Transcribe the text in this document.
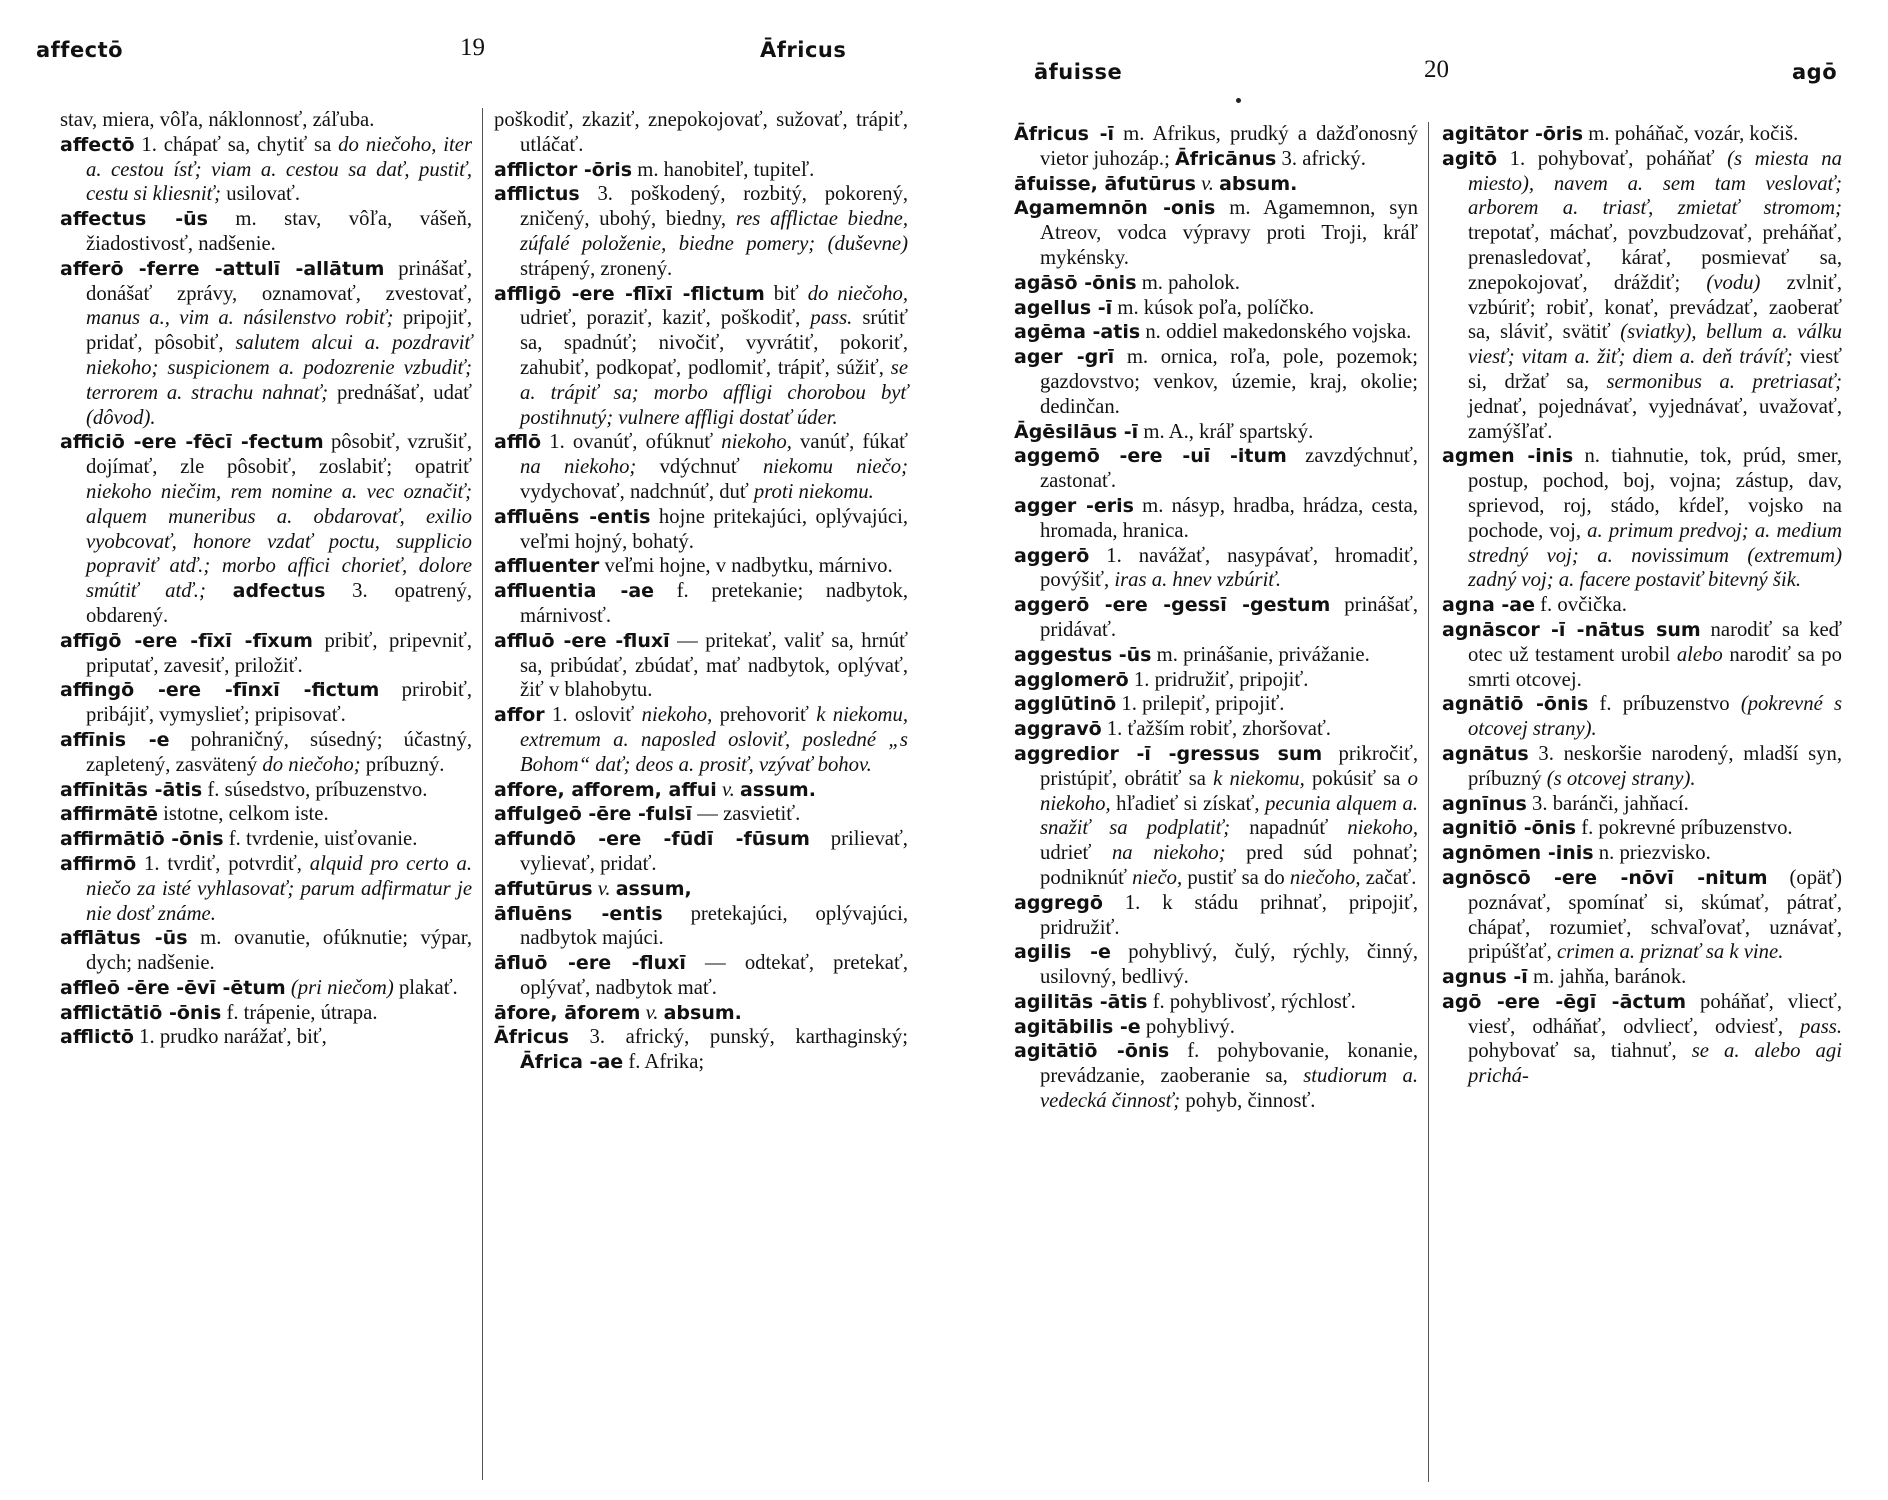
affectō	19	Āfricus

stav, miera, vôľa, náklonnosť, záľuba.

affectō 1. chápať sa, chytiť sa do niečoho, iter a. cestou ísť; viam a. cestou sa dať, pustiť, cestu si kliesniť; usilovať.

affectus -ūs m. stav, vôľa, vášeň, žiadostivosť, nadšenie.

afferō -ferre -attulī -allātum prinášať, donášať zprávy, oznamovať, zvestovať, manus a., vim a. násilenstvo robiť; pripojiť, pridať, pôsobiť, salutem alcui a. pozdraviť niekoho; suspicionem a. podozrenie vzbudiť; terrorem a. strachu nahnať; prednášať, udať (dôvod).

afficiō -ere -fēcī -fectum pôsobiť, vzrušiť, dojímať, zle pôsobiť, zoslabiť; opatriť niekoho niečim, rem nomine a. vec označiť; alquem muneribus a. obdarovať, exilio vyobcovať, honore vzdať poctu, supplicio popraviť atď.; morbo affici chorieť, dolore smútiť atď.; adfectus 3. opatrený, obdarený.

affīgō -ere -fīxī -fīxum pribiť, pripevniť, priputať, zavesiť, priložiť.

affingō -ere -fīnxī -fictum prirobiť, pribájiť, vymyslieť; pripisovať.

affīnis -e pohraničný, súsedný; účastný, zapletený, zasvätený do niečoho; príbuzný.

affīnitās -ātis f. súsedstvo, príbuzenstvo.

affirmātē istotne, celkom iste.

affirmātiō -ōnis f. tvrdenie, uisťovanie.

affirmō 1. tvrdiť, potvrdiť, alquid pro certo a. niečo za isté vyhlasovať; parum adfirmatur je nie dosť známe.

afflātus -ūs m. ovanutie, ofúknutie; výpar, dych; nadšenie.

affleō -ēre -ēvī -ētum (pri niečom) plakať.

afflictātiō -ōnis f. trápenie, útrapa.

afflictō 1. prudko narážať, biť,

poškodiť, zkaziť, znepokojovať, sužovať, trápiť, utláčať.

afflictor -ōris m. hanobiteľ, tupiteľ.

afflictus 3. poškodený, rozbitý, pokorený, zničený, ubohý, biedny, res afflictae biedne, zúfalé položenie, biedne pomery; (duševne) strápený, zronený.

affligō -ere -flīxī -flictum biť do niečoho, udrieť, poraziť, kaziť, poškodiť, pass. srútiť sa, spadnúť; nivočiť, vyvrátiť, pokoriť, zahubiť, podkopať, podlomiť, trápiť, súžiť, se a. trápiť sa; morbo affligi chorobou byť postihnutý; vulnere affligi dostať úder.

afflō 1. ovanúť, ofúknuť niekoho, vanúť, fúkať na niekoho; vdýchnuť niekomu niečo; vydychovať, nadchnúť, duť proti niekomu.

affluēns -entis hojne pritekajúci, oplývajúci, veľmi hojný, bohatý.

affluenter veľmi hojne, v nadbytku, márnivo.

affluentia -ae f. pretekanie; nadbytok, márnivosť.

affluō -ere -fluxī — pritekať, valiť sa, hrnúť sa, pribúdať, zbúdať, mať nadbytok, oplývať, žiť v blahobytu.

affor 1. osloviť niekoho, prehovoriť k niekomu, extremum a. naposled osloviť, posledné „s Bohom“ dať; deos a. prosiť, vzývať bohov.

affore, afforem, affui v. assum.

affulgeō -ēre -fulsī — zasvietiť.

affundō -ere -fūdī -fūsum prilievať, vylievať, pridať.

affutūrus v. assum,

āfluēns -entis pretekajúci, oplývajúci, nadbytok majúci.

āfluō -ere -fluxī — odtekať, pretekať, oplývať, nadbytok mať.

āfore, āforem v. absum.

Āfricus 3. africký, punský, karthaginský; Āfrica -ae f. Afrika;

āfuisse	20	agō

Āfricus -ī m. Afrikus, prudký a dažďonosný vietor juhozáp.; Āfricānus 3. africký.

āfuisse, āfutūrus v. absum.

Agamemnōn -onis m. Agamemnon, syn Atreov, vodca výpravy proti Troji, kráľ mykénsky.

agāsō -ōnis m. paholok.

agellus -ī m. kúsok poľa, políčko.

agēma -atis n. oddiel makedonského vojska.

ager -grī m. ornica, roľa, pole, pozemok; gazdovstvo; venkov, územie, kraj, okolie; dedinčan.

Āgēsilāus -ī m. A., kráľ spartský.

aggemō -ere -uī -itum zavzdýchnuť, zastonať.

agger -eris m. násyp, hradba, hrádza, cesta, hromada, hranica.

aggerō 1. navážať, nasypávať, hromadiť, povýšiť, iras a. hnev vzbúriť.

aggerō -ere -gessī -gestum prinášať, pridávať.

aggestus -ūs m. prinášanie, privážanie.

agglomerō 1. pridružiť, pripojiť.

agglūtinō 1. prilepiť, pripojiť.

aggravō 1. ťažším robiť, zhoršovať.

aggredior -ī -gressus sum prikročiť, pristúpiť, obrátiť sa k niekomu, pokúsiť sa o niekoho, hľadieť si získať, pecunia alquem a. snažiť sa podplatiť; napadnúť niekoho, udrieť na niekoho; pred súd pohnať; podniknúť niečo, pustiť sa do niečoho, začať.

aggregō 1. k stádu prihnať, pripojiť, pridružiť.

agilis -e pohyblivý, čulý, rýchly, činný, usilovný, bedlivý.

agilitās -ātis f. pohyblivosť, rýchlosť.

agitābilis -e pohyblivý.

agitātiō -ōnis f. pohybovanie, konanie, prevádzanie, zaoberanie sa, studiorum a. vedecká činnosť; pohyb, činnosť.

agitātor -ōris m. poháňač, vozár, kočiš.

agitō 1. pohybovať, poháňať (s miesta na miesto), navem a. sem tam veslovať; arborem a. triasť, zmietať stromom; trepotať, máchať, povzbudzovať, preháňať, prenasledovať, kárať, posmievať sa, znepokojovať, dráždiť; (vodu) zvlniť, vzbúriť; robiť, konať, prevádzať, zaoberať sa, sláviť, svätiť (sviatky), bellum a. válku viesť; vitam a. žiť; diem a. deň trávíť; viesť si, držať sa, sermonibus a. pretriasať; jednať, pojednávať, vyjednávať, uvažovať, zamýšľať.

agmen -inis n. tiahnutie, tok, prúd, smer, postup, pochod, boj, vojna; zástup, dav, sprievod, roj, stádo, kŕdeľ, vojsko na pochode, voj, a. primum predvoj; a. medium stredný voj; a. novissimum (extremum) zadný voj; a. facere postaviť bitevný šik.

agna -ae f. ovčička.

agnāscor -ī -nātus sum narodiť sa keď otec už testament urobil alebo narodiť sa po smrti otcovej.

agnātiō -ōnis f. príbuzenstvo (pokrevné s otcovej strany).

agnātus 3. neskoršie narodený, mladší syn, príbuzný (s otcovej strany).

agnīnus 3. baránči, jahňací.

agnitiō -ōnis f. pokrevné príbuzenstvo.

agnōmen -inis n. priezvisko.

agnōscō -ere -nōvī -nitum (opäť) poznávať, spomínať si, skúmať, pátrať, chápať, rozumieť, schvaľovať, uznávať, pripúšťať, crimen a. priznať sa k vine.

agnus -ī m. jahňa, baránok.

agō -ere -ēgī -āctum poháňať, vliecť, viesť, odháňať, odvliecť, odviesť, pass. pohybovať sa, tiahnuť, se a. alebo agi prichá-
